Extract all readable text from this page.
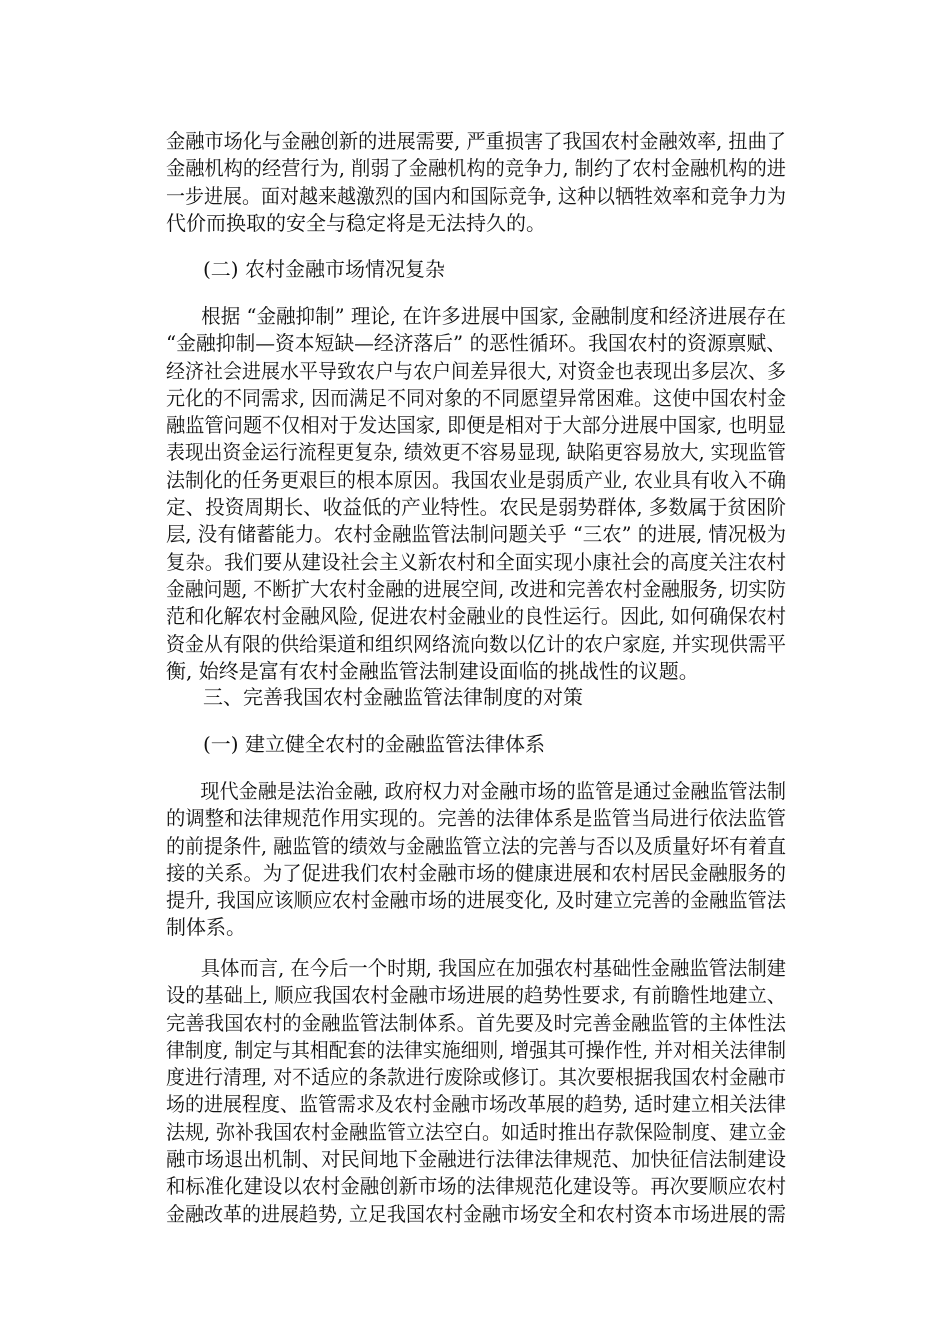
金融市场化与金融创新的进展需要, 严重损害了我国农村金融效率, 扭曲了
金融机构的经营行为, 削弱了金融机构的竞争力, 制约了农村金融机构的进
一步进展。面对越来越激烈的国内和国际竞争, 这种以牺牲效率和竞争力为
代价而换取的安全与稳定将是无法持久的。
(二) 农村金融市场情况复杂
根据 “金融抑制” 理论, 在许多进展中国家, 金融制度和经济进展存在
“金融抑制—资本短缺—经济落后” 的恶性循环。我国农村的资源禀赋、
经济社会进展水平导致农户与农户间差异很大, 对资金也表现出多层次、多
元化的不同需求, 因而满足不同对象的不同愿望异常困难。这使中国农村金
融监管问题不仅相对于发达国家, 即便是相对于大部分进展中国家, 也明显
表现出资金运行流程更复杂, 绩效更不容易显现, 缺陷更容易放大, 实现监管
法制化的任务更艰巨的根本原因。我国农业是弱质产业, 农业具有收入不确
定、投资周期长、收益低的产业特性。农民是弱势群体, 多数属于贫困阶
层, 没有储蓄能力。农村金融监管法制问题关乎 “三农” 的进展, 情况极为
复杂。我们要从建设社会主义新农村和全面实现小康社会的高度关注农村
金融问题, 不断扩大农村金融的进展空间, 改进和完善农村金融服务, 切实防
范和化解农村金融风险, 促进农村金融业的良性运行。因此, 如何确保农村
资金从有限的供给渠道和组织网络流向数以亿计的农户家庭, 并实现供需平
衡, 始终是富有农村金融监管法制建设面临的挑战性的议题。
三、完善我国农村金融监管法律制度的对策
(一) 建立健全农村的金融监管法律体系
现代金融是法治金融, 政府权力对金融市场的监管是通过金融监管法制
的调整和法律规范作用实现的。完善的法律体系是监管当局进行依法监管
的前提条件, 融监管的绩效与金融监管立法的完善与否以及质量好坏有着直
接的关系。为了促进我们农村金融市场的健康进展和农村居民金融服务的
提升, 我国应该顺应农村金融市场的进展变化, 及时建立完善的金融监管法
制体系。
具体而言, 在今后一个时期, 我国应在加强农村基础性金融监管法制建
设的基础上, 顺应我国农村金融市场进展的趋势性要求, 有前瞻性地建立、
完善我国农村的金融监管法制体系。首先要及时完善金融监管的主体性法
律制度, 制定与其相配套的法律实施细则, 增强其可操作性, 并对相关法律制
度进行清理, 对不适应的条款进行废除或修订。其次要根据我国农村金融市
场的进展程度、监管需求及农村金融市场改革展的趋势, 适时建立相关法律
法规, 弥补我国农村金融监管立法空白。如适时推出存款保险制度、建立金
融市场退出机制、对民间地下金融进行法律法律规范、加快征信法制建设
和标准化建设以农村金融创新市场的法律规范化建设等。再次要顺应农村
金融改革的进展趋势, 立足我国农村金融市场安全和农村资本市场进展的需
